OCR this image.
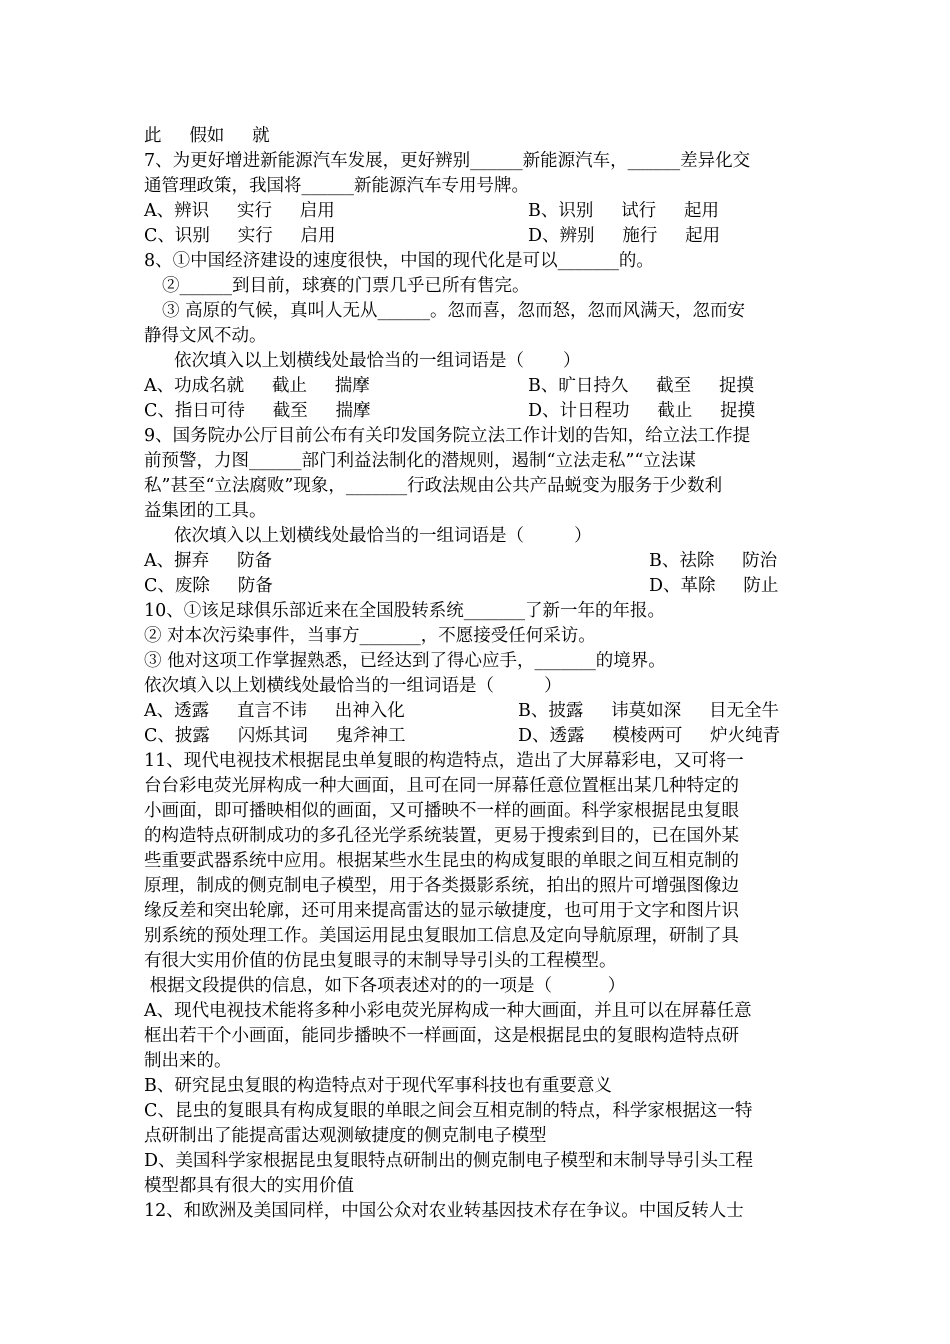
此     假如     就
7、为更好增进新能源汽车发展，更好辨别______新能源汽车，______差异化交
通管理政策，我国将______新能源汽车专用号牌。
A、辨识     实行     启用	B、识别     试行     起用
C、识别     实行     启用	D、辨别     施行     起用
8、①中国经济建设的速度很快，中国的现代化是可以_______的。
②______到目前，球赛的门票几乎已所有售完。
③ 高原的气候，真叫人无从______。忽而喜，忽而怒，忽而风满天，忽而安
静得文风不动。
依次填入以上划横线处最恰当的一组词语是（       ）
A、功成名就     截止     揣摩	B、旷日持久     截至     捉摸
C、指日可待     截至     揣摩	D、计日程功     截止     捉摸
9、国务院办公厅目前公布有关印发国务院立法工作计划的告知，给立法工作提
前预警，力图______部门利益法制化的潜规则，遏制“立法走私”“立法谋
私”甚至“立法腐败”现象，_______行政法规由公共产品蜕变为服务于少数利
益集团的工具。
依次填入以上划横线处最恰当的一组词语是（         ）
A、摒弃     防备	B、祛除     防治
C、废除     防备	D、革除     防止
10、①该足球俱乐部近来在全国股转系统_______了新一年的年报。
② 对本次污染事件，当事方_______，不愿接受任何采访。
③ 他对这项工作掌握熟悉，已经达到了得心应手，_______的境界。
依次填入以上划横线处最恰当的一组词语是（         ）
A、透露     直言不讳     出神入化	B、披露     讳莫如深     目无全牛
C、披露     闪烁其词     鬼斧神工	D、透露     模棱两可     炉火纯青
11、现代电视技术根据昆虫单复眼的构造特点，造出了大屏幕彩电，又可将一
台台彩电荧光屏构成一种大画面，且可在同一屏幕任意位置框出某几种特定的
小画面，即可播映相似的画面，又可播映不一样的画面。科学家根据昆虫复眼
的构造特点研制成功的多孔径光学系统装置，更易于搜索到目的，已在国外某
些重要武器系统中应用。根据某些水生昆虫的构成复眼的单眼之间互相克制的
原理，制成的侧克制电子模型，用于各类摄影系统，拍出的照片可增强图像边
缘反差和突出轮廓，还可用来提高雷达的显示敏捷度，也可用于文字和图片识
别系统的预处理工作。美国运用昆虫复眼加工信息及定向导航原理，研制了具
有很大实用价值的仿昆虫复眼寻的末制导导引头的工程模型。
根据文段提供的信息，如下各项表述对的的一项是（          ）
A、现代电视技术能将多种小彩电荧光屏构成一种大画面，并且可以在屏幕任意
框出若干个小画面，能同步播映不一样画面，这是根据昆虫的复眼构造特点研
制出来的。
B、研究昆虫复眼的构造特点对于现代军事科技也有重要意义
C、昆虫的复眼具有构成复眼的单眼之间会互相克制的特点，科学家根据这一特
点研制出了能提高雷达观测敏捷度的侧克制电子模型
D、美国科学家根据昆虫复眼特点研制出的侧克制电子模型和末制导导引头工程
模型都具有很大的实用价值
12、和欧洲及美国同样，中国公众对农业转基因技术存在争议。中国反转人士
